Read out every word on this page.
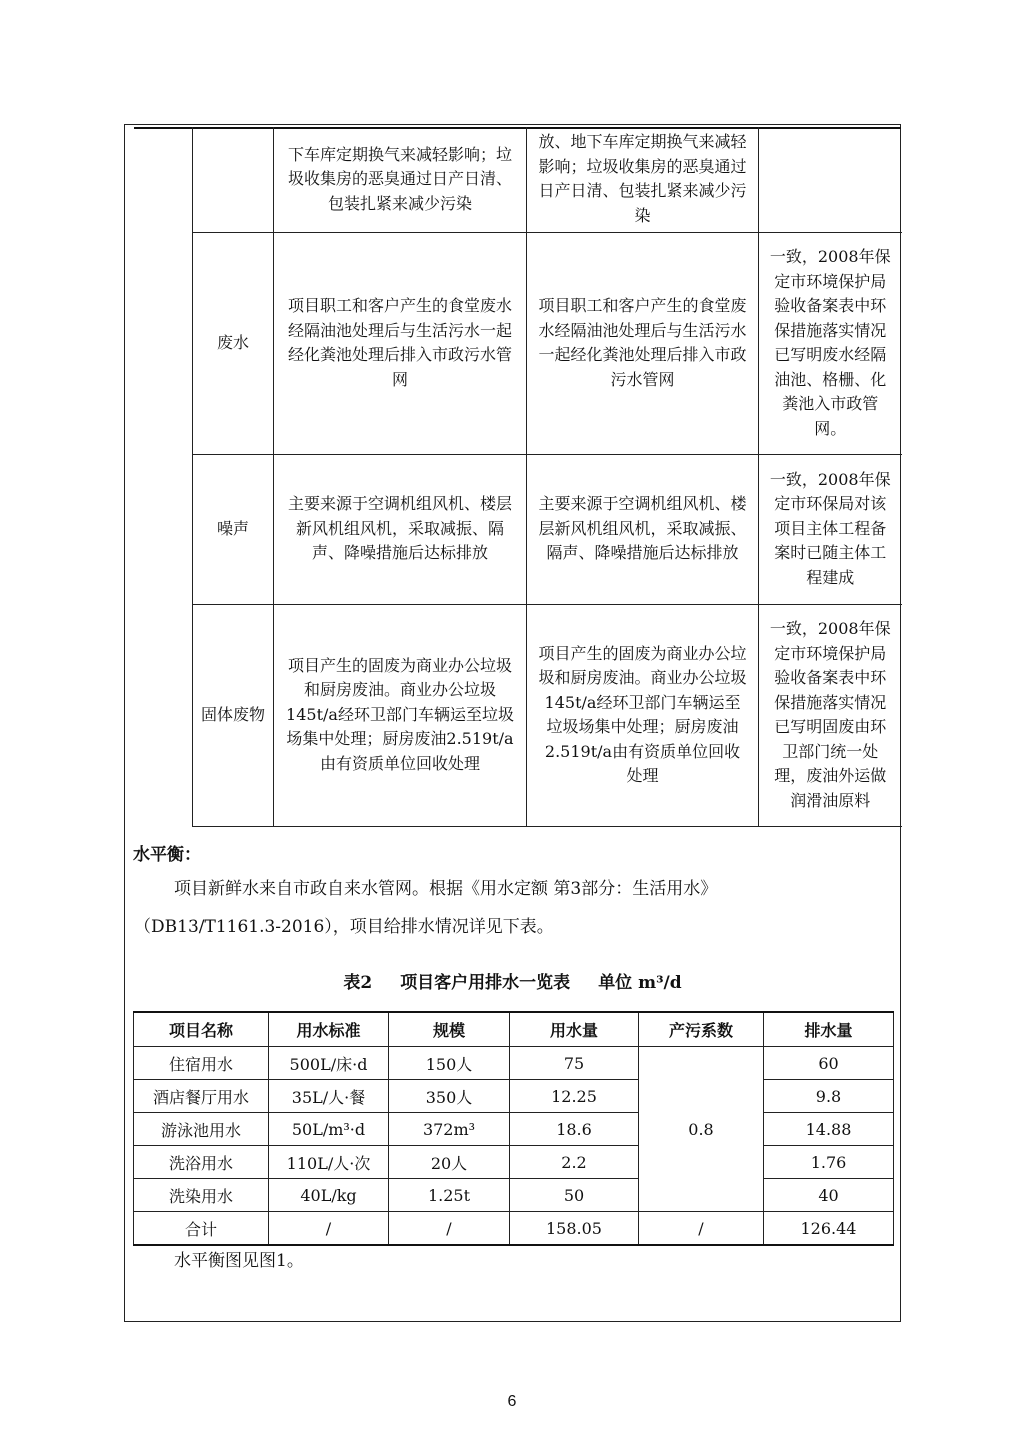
	下车库定期换气来减轻影响；垃圾收集房的恶臭通过日产日清、包装扎紧来减少污染	放、地下车库定期换气来减轻影响；垃圾收集房的恶臭通过日产日清、包装扎紧来减少污染	
废水	项目职工和客户产生的食堂废水经隔油池处理后与生活污水一起经化粪池处理后排入市政污水管网	项目职工和客户产生的食堂废水经隔油池处理后与生活污水一起经化粪池处理后排入市政污水管网	一致，2008年保定市环境保护局验收备案表中环保措施落实情况已写明废水经隔油池、格栅、化粪池入市政管网。
噪声	主要来源于空调机组风机、楼层新风机组风机，采取减振、隔声、降噪措施后达标排放	主要来源于空调机组风机、楼层新风机组风机，采取减振、隔声、降噪措施后达标排放	一致，2008年保定市环保局对该项目主体工程备案时已随主体工程建成
固体废物	项目产生的固废为商业办公垃圾和厨房废油。商业办公垃圾145t/a经环卫部门车辆运至垃圾场集中处理；厨房废油2.519t/a由有资质单位回收处理	项目产生的固废为商业办公垃圾和厨房废油。商业办公垃圾145t/a经环卫部门车辆运至垃圾场集中处理；厨房废油2.519t/a由有资质单位回收处理	一致，2008年保定市环境保护局验收备案表中环保措施落实情况已写明固废由环卫部门统一处理，废油外运做润滑油原料
水平衡：
项目新鲜水来自市政自来水管网。根据《用水定额 第3部分：生活用水》
（DB13/T1161.3-2016），项目给排水情况详见下表。
表2 项目客户用排水一览表 单位 m³/d
项目名称	用水标准	规模	用水量	产污系数	排水量
住宿用水	500L/床·d	150人	75	0.8	60
酒店餐厅用水	35L/人·餐	350人	12.25		9.8
游泳池用水	50L/m³·d	372m³	18.6		14.88
洗浴用水	110L/人·次	20人	2.2		1.76
洗染用水	40L/kg	1.25t	50		40
合计	/	/	158.05	/	126.44
水平衡图见图1。
6
